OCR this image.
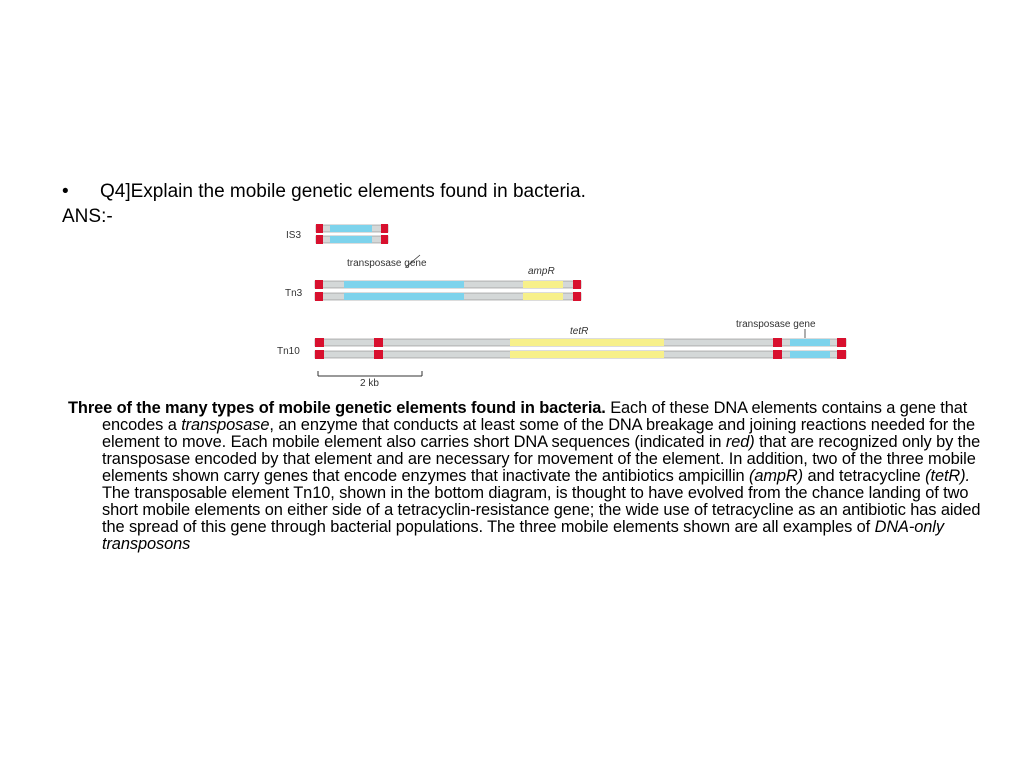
• Q4]Explain the mobile genetic elements found in bacteria.
ANS:-
IS3
transposase gene
Tn3
ampR
Tn10
tetR
transposase gene
2 kb

Three of the many types of mobile genetic elements found in bacteria. Each of these DNA elements contains a gene that encodes a transposase, an enzyme that conducts at least some of the DNA breakage and joining reactions needed for the element to move. Each mobile element also carries short DNA sequences (indicated in red) that are recognized only by the transposase encoded by that element and are necessary for movement of the element. In addition, two of the three mobile elements shown carry genes that encode enzymes that inactivate the antibiotics ampicillin (ampR) and tetracycline (tetR). The transposable element Tn10, shown in the bottom diagram, is thought to have evolved from the chance landing of two short mobile elements on either side of a tetracyclin-resistance gene; the wide use of tetracycline as an antibiotic has aided the spread of this gene through bacterial populations. The three mobile elements shown are all examples of DNA-only transposons
